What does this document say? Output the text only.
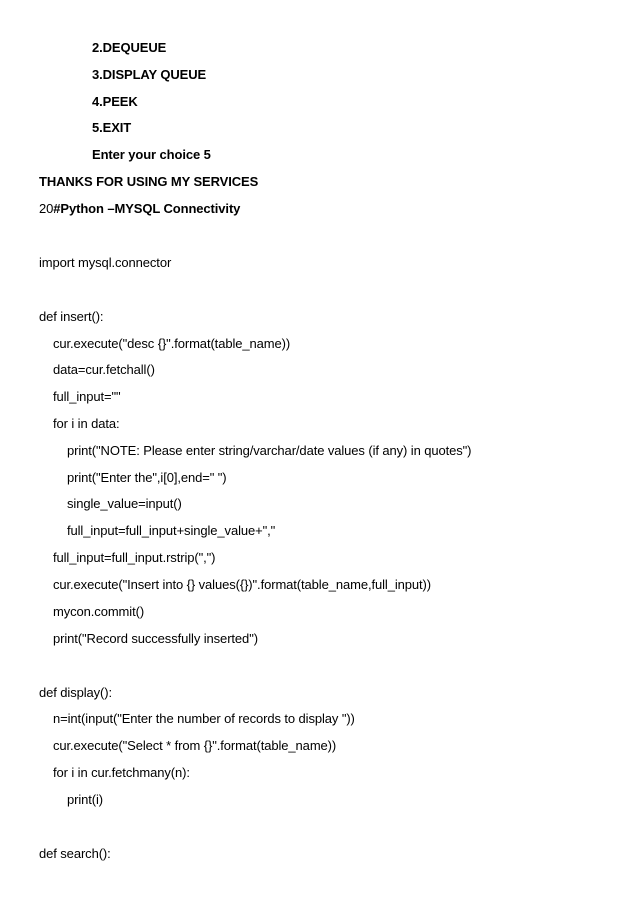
2.DEQUEUE
3.DISPLAY QUEUE
4.PEEK
5.EXIT
Enter your choice 5
THANKS FOR USING MY SERVICES
20#Python –MYSQL Connectivity
import mysql.connector
def insert():
cur.execute("desc {}".format(table_name))
data=cur.fetchall()
full_input=""
for i in data:
print("NOTE: Please enter string/varchar/date values (if any) in quotes")
print("Enter the",i[0],end=" ")
single_value=input()
full_input=full_input+single_value+","
full_input=full_input.rstrip(",")
cur.execute("Insert into {} values({})".format(table_name,full_input))
mycon.commit()
print("Record successfully inserted")
def display():
n=int(input("Enter the number of records to display "))
cur.execute("Select * from {}".format(table_name))
for i in cur.fetchmany(n):
print(i)
def search():
